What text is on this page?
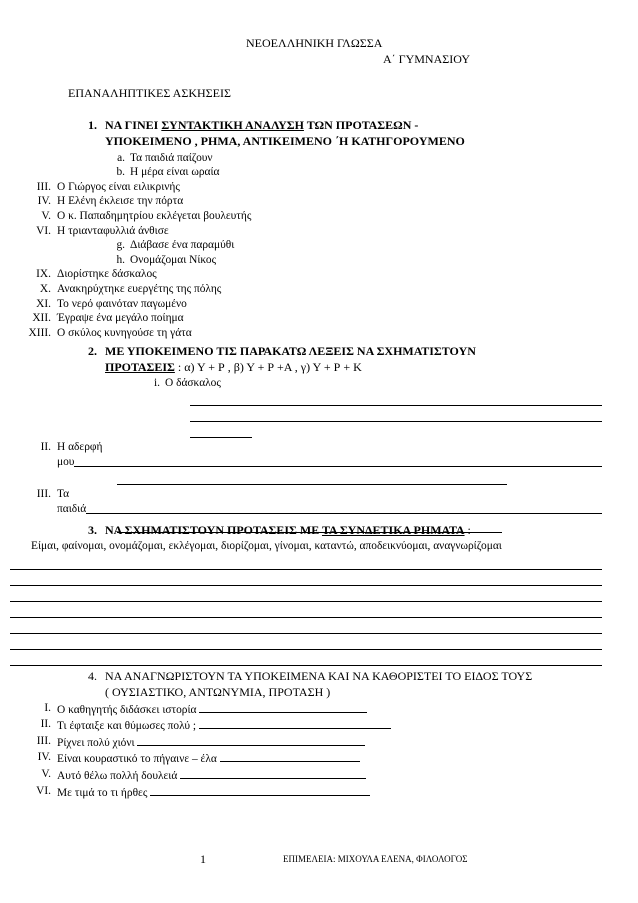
ΝΕΟΕΛΛΗΝΙΚΗ ΓΛΩΣΣΑ
Α΄ ΓΥΜΝΑΣΙΟΥ
ΕΠΑΝΑΛΗΠΤΙΚΕΣ ΑΣΚΗΣΕΙΣ
1. ΝΑ ΓΙΝΕΙ ΣΥΝΤΑΚΤΙΚΗ ΑΝΑΛΥΣΗ ΤΩΝ ΠΡΟΤΑΣΕΩΝ -
ΥΠΟΚΕΙΜΕΝΟ , ΡΗΜΑ, ΑΝΤΙΚΕΙΜΕΝΟ ΄Η ΚΑΤΗΓΟΡΟΥΜΕΝΟ
a. Τα παιδιά παίζουν
b. Η μέρα είναι ωραία
III. Ο Γιώργος είναι ειλικρινής
IV. Η Ελένη έκλεισε την πόρτα
V. Ο κ. Παπαδημητρίου εκλέγεται βουλευτής
VI. Η τριανταφυλλιά άνθισε
g. Διάβασε ένα παραμύθι
h. Ονομάζομαι Νίκος
IX. Διορίστηκε δάσκαλος
X. Ανακηρύχτηκε ευεργέτης της πόλης
XI. Το νερό φαινόταν παγωμένο
XII. Έγραψε ένα μεγάλο ποίημα
XIII. Ο σκύλος κυνηγούσε τη γάτα
2. ΜΕ ΥΠΟΚΕΙΜΕΝΟ ΤΙΣ ΠΑΡΑΚΑΤΩ ΛΕΞΕΙΣ ΝΑ ΣΧΗΜΑΤΙΣΤΟΥΝ
ΠΡΟΤΑΣΕΙΣ : α) Υ + Ρ , β) Υ + Ρ +Α , γ) Υ + Ρ + Κ
i. Ο δάσκαλος
II. Η αδερφή
μου
III. Τα
παιδιά
3. ΝΑ ΣΧΗΜΑΤΙΣΤΟΥΝ ΠΡΟΤΑΣΕΙΣ ΜΕ ΤΑ ΣΥΝΔΕΤΙΚΑ ΡΗΜΑΤΑ :
Είμαι, φαίνομαι, ονομάζομαι, εκλέγομαι, διορίζομαι, γίνομαι, καταντώ, αποδεικνύομαι, αναγνωρίζομαι
4. ΝΑ ΑΝΑΓΝΩΡΙΣΤΟΥΝ ΤΑ ΥΠΟΚΕΙΜΕΝΑ ΚΑΙ ΝΑ ΚΑΘΟΡΙΣΤΕΙ ΤΟ ΕΙΔΟΣ ΤΟΥΣ
( ΟΥΣΙΑΣΤΙΚΟ, ΑΝΤΩΝΥΜΙΑ, ΠΡΟΤΑΣΗ )
I. Ο καθηγητής διδάσκει ιστορία
II. Τι έφταιξε και θύμωσες πολύ ;
III. Ρίχνει πολύ χιόνι
IV. Είναι κουραστικό το πήγαινε – έλα
V. Αυτό θέλω πολλή δουλειά
VI. Με τιμά το τι ήρθες
1	ΕΠΙΜΕΛΕΙΑ: ΜΙΧΟΥΛΑ ΕΛΕΝΑ, ΦΙΛΟΛΟΓΟΣ
